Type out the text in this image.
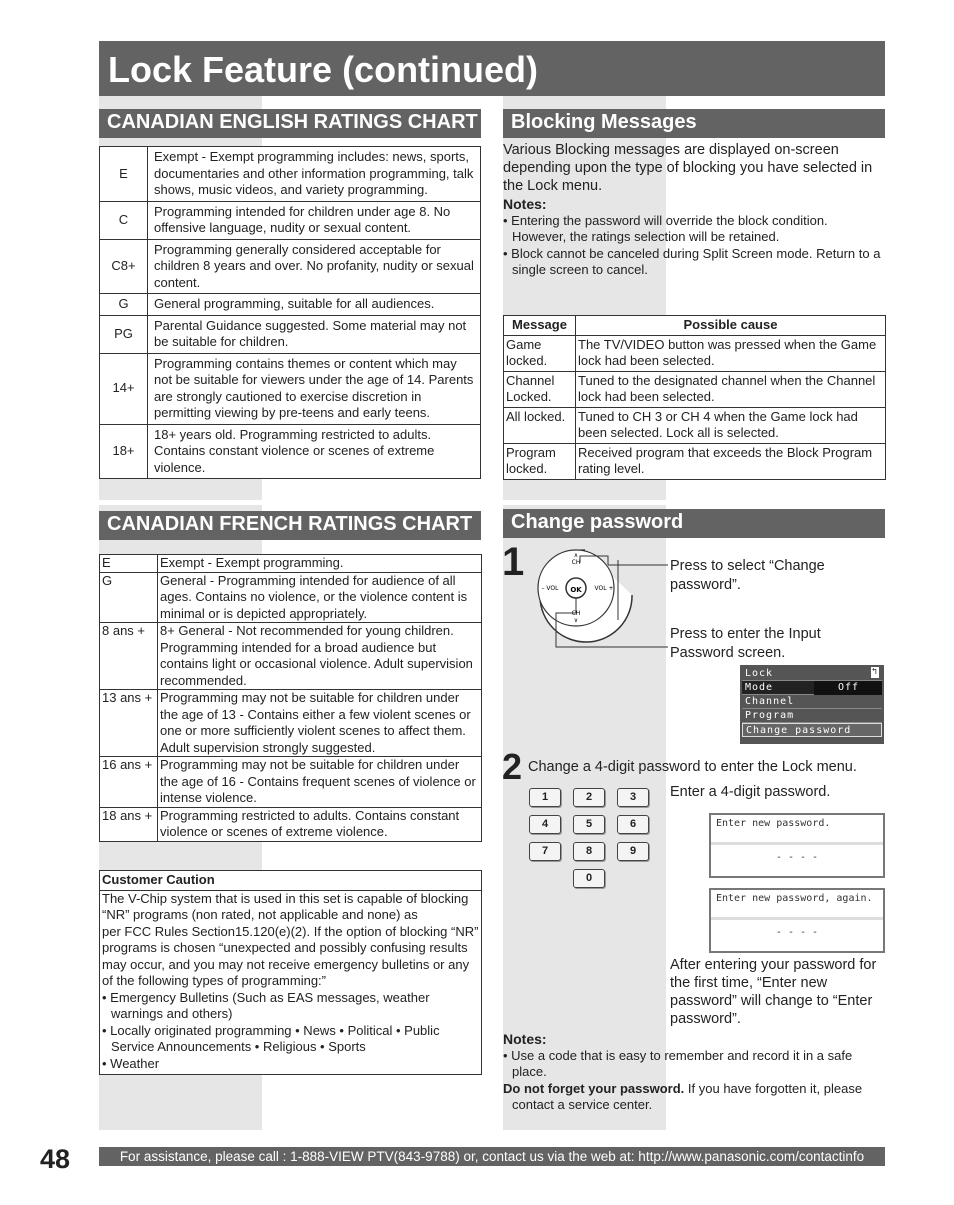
Lock Feature (continued)
CANADIAN ENGLISH RATINGS CHART
E	Exempt - Exempt programming includes: news, sports, documentaries and other information programming, talk shows, music videos, and variety programming.
C	Programming intended for children under age 8. No offensive language, nudity or sexual content.
C8+	Programming generally considered acceptable for children 8 years and over. No profanity, nudity or sexual content.
G	General programming, suitable for all audiences.
PG	Parental Guidance suggested. Some material may not be suitable for children.
14+	Programming contains themes or content which may not be suitable for viewers under the age of 14. Parents are strongly cautioned to exercise discretion in permitting viewing by pre-teens and early teens.
18+	18+ years old. Programming restricted to adults. Contains constant violence or scenes of extreme violence.
CANADIAN FRENCH RATINGS CHART
E	Exempt - Exempt programming.
G	General - Programming intended for audience of all ages. Contains no violence, or the violence content is minimal or is depicted appropriately.
8 ans +	8+ General - Not recommended for young children. Programming intended for a broad audience but contains light or occasional violence. Adult supervision recommended.
13 ans +	Programming may not be suitable for children under the age of 13 - Contains either a few violent scenes or one or more sufficiently violent scenes to affect them. Adult supervision strongly suggested.
16 ans +	Programming may not be suitable for children under the age of 16 - Contains frequent scenes of violence or intense violence.
18 ans +	Programming restricted to adults. Contains constant violence or scenes of extreme violence.
Customer Caution
The V-Chip system that is used in this set is capable of blocking “NR” programs (non rated, not applicable and none) as
per FCC Rules Section15.120(e)(2). If the option of blocking “NR” programs is chosen “unexpected and possibly confusing results may occur, and you may not receive emergency bulletins or any of the following types of programming:”
• Emergency Bulletins (Such as EAS messages, weather warnings and others)
• Locally originated programming • News • Political • Public Service Announcements • Religious • Sports
• Weather
Blocking Messages

Various Blocking messages are displayed on-screen depending upon the type of blocking you have selected in the Lock menu.

Notes:
• Entering the password will override the block condition. However, the ratings selection will be retained.
• Block cannot be canceled during Split Screen mode. Return to a single screen to cancel.
Message	Possible cause
Game locked.	The TV/VIDEO button was pressed when the Game lock had been selected.
Channel Locked.	Tuned to the designated channel when the Channel lock had been selected.
All locked.	Tuned to CH 3 or CH 4 when the Game lock had been selected. Lock all is selected.
Program locked.	Received program that exceeds the Block Program rating level.
Change password
1
OK
∧
CH
CH
∨
– VOL	VOL +
Press to select “Change password”.
Press to enter the Input Password screen.
Lock	↰
Mode	Off
Channel
Program
Change password
2 Change a 4-digit password to enter the Lock menu.
Enter a 4-digit password.
1	2	3
4	5	6
7	8	9
0
Enter new password.
- - - -
Enter new password, again.
- - - -
After entering your password for the first time, “Enter new password” will change to “Enter password”.
Notes:
• Use a code that is easy to remember and record it in a safe place.
Do not forget your password. If you have forgotten it, please contact a service center.
48	For assistance, please call : 1-888-VIEW PTV(843-9788) or, contact us via the web at: http://www.panasonic.com/contactinfo
